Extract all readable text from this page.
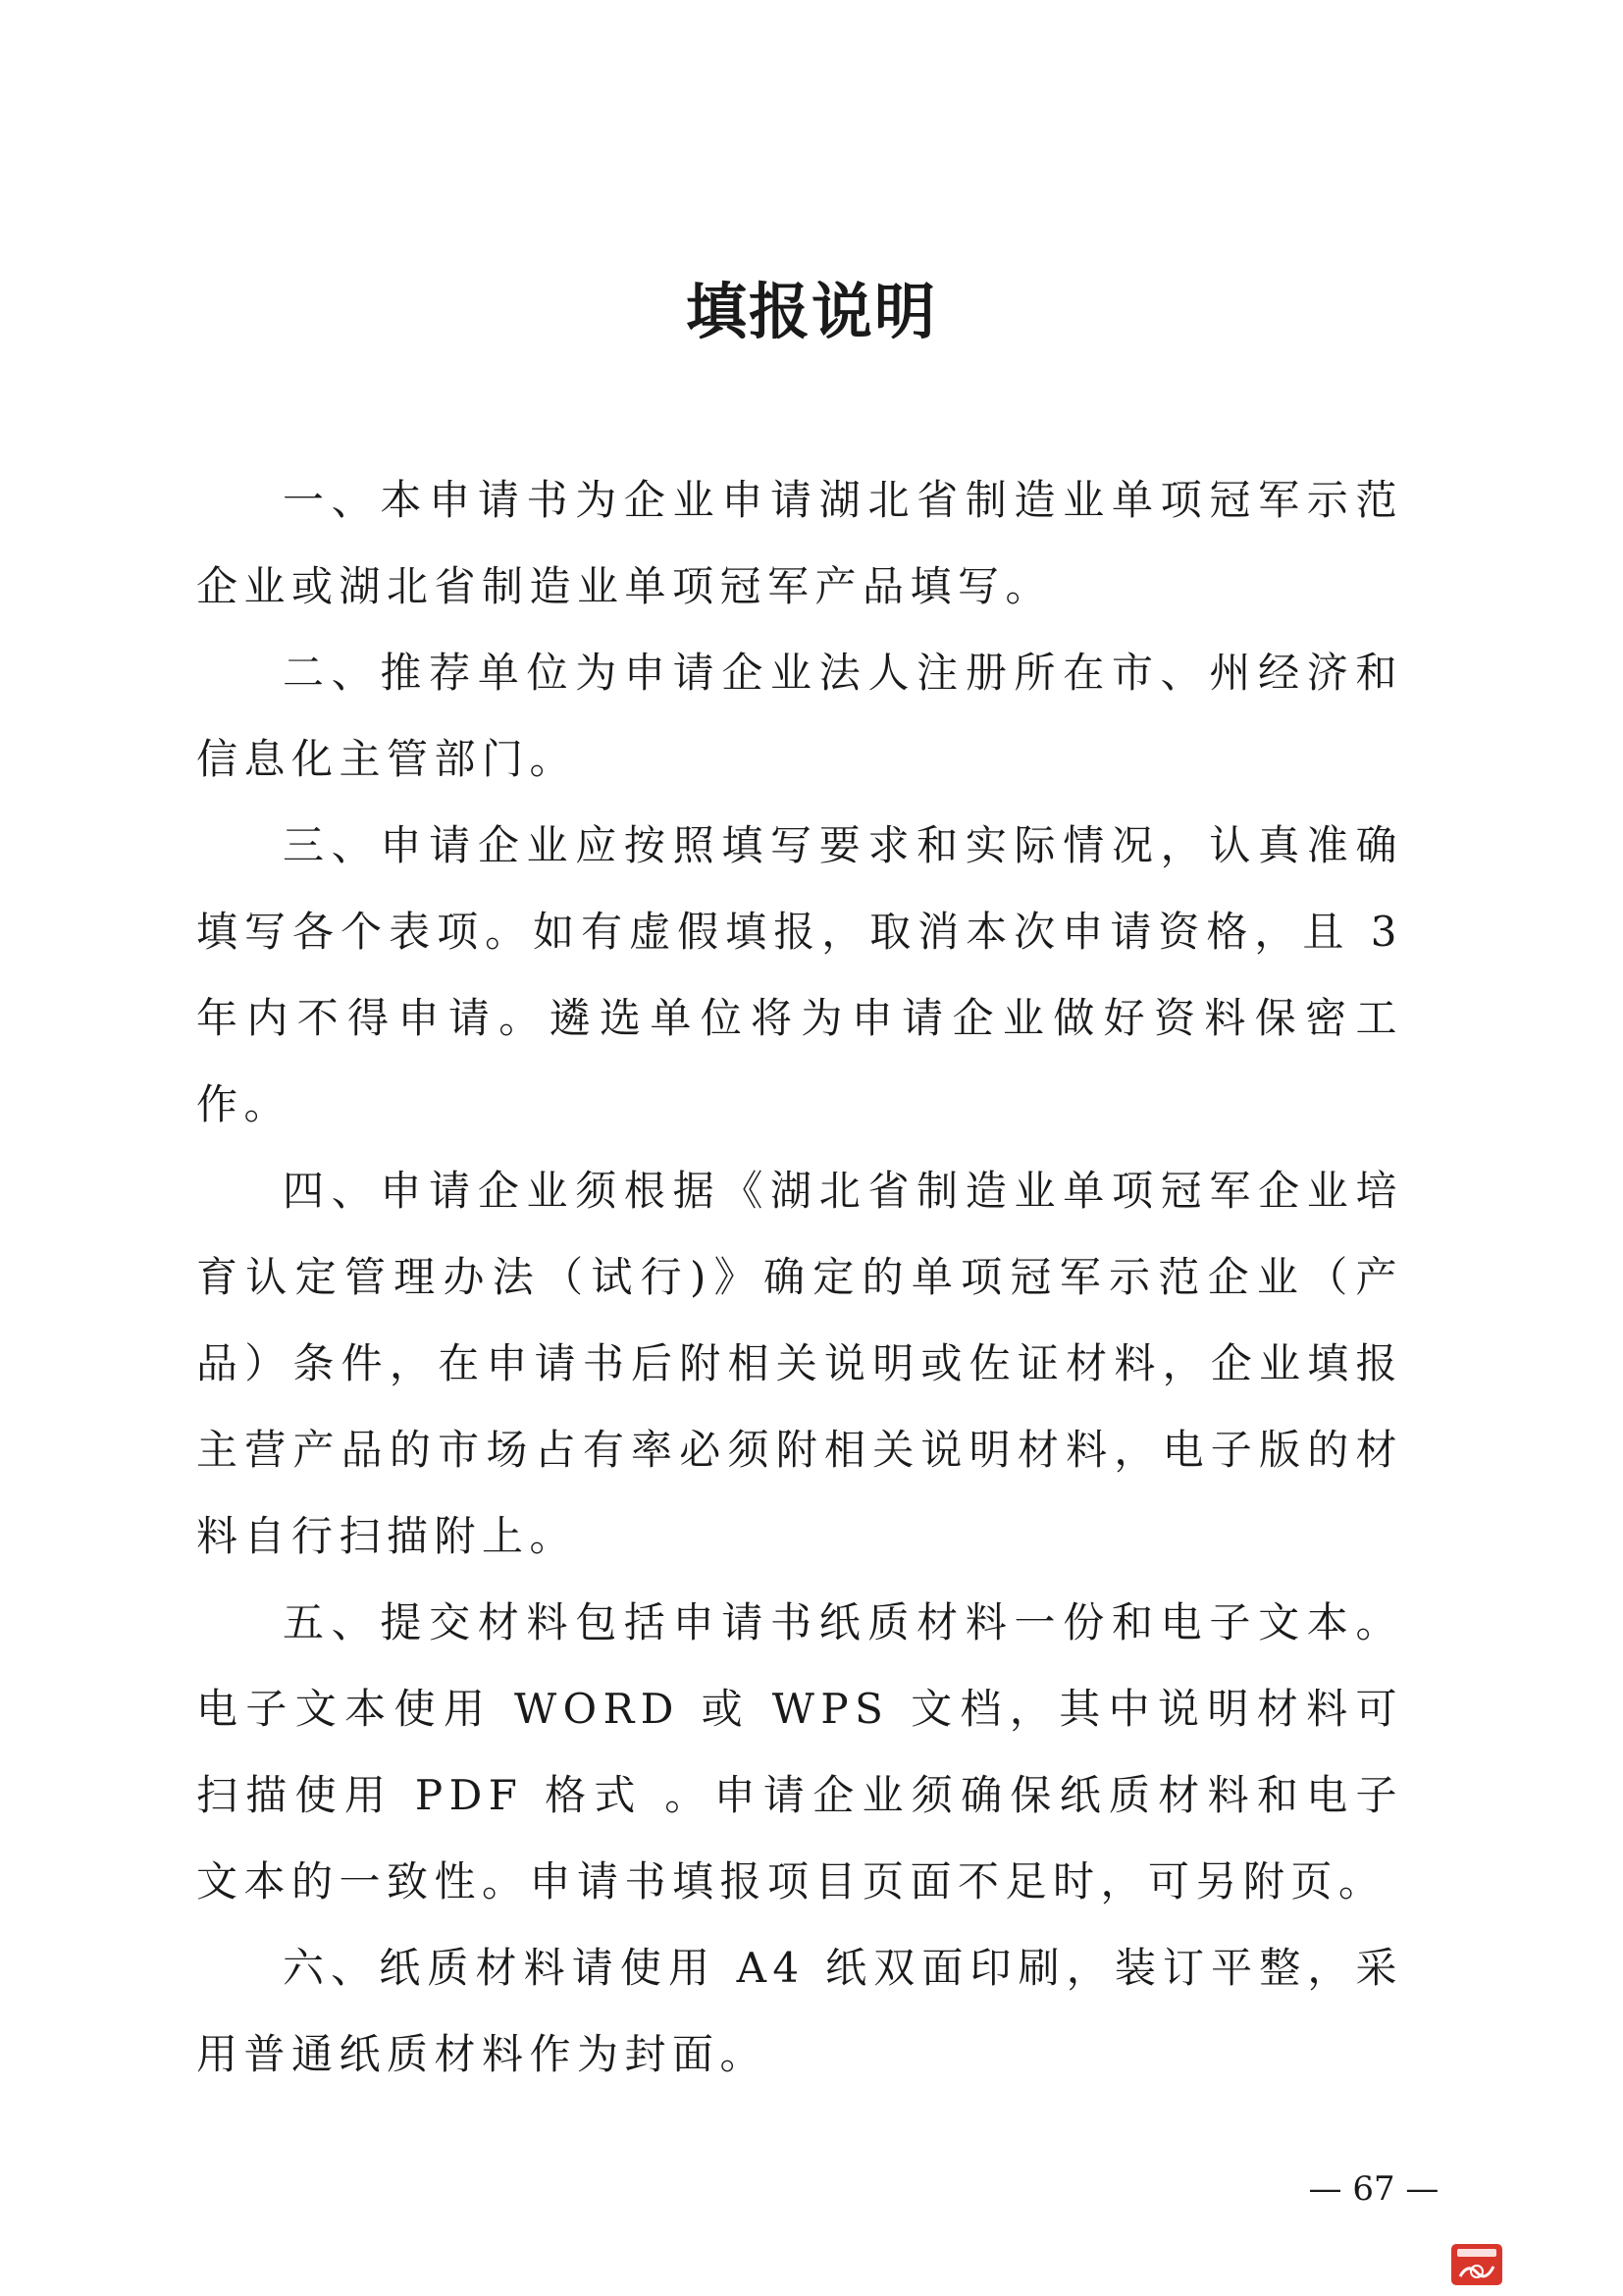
填报说明

一、本申请书为企业申请湖北省制造业单项冠军示范企业或湖北省制造业单项冠军产品填写。

二、推荐单位为申请企业法人注册所在市、州经济和信息化主管部门。

三、申请企业应按照填写要求和实际情况，认真准确填写各个表项。如有虚假填报，取消本次申请资格，且 3 年内不得申请。遴选单位将为申请企业做好资料保密工作。

四、申请企业须根据《湖北省制造业单项冠军企业培育认定管理办法（试行)》确定的单项冠军示范企业（产品）条件，在申请书后附相关说明或佐证材料，企业填报主营产品的市场占有率必须附相关说明材料，电子版的材料自行扫描附上。

五、提交材料包括申请书纸质材料一份和电子文本。电子文本使用 WORD 或 WPS 文档，其中说明材料可扫描使用 PDF 格式 。申请企业须确保纸质材料和电子文本的一致性。申请书填报项目页面不足时，可另附页。

六、纸质材料请使用 A4 纸双面印刷，装订平整，采用普通纸质材料作为封面。

— 67 —
